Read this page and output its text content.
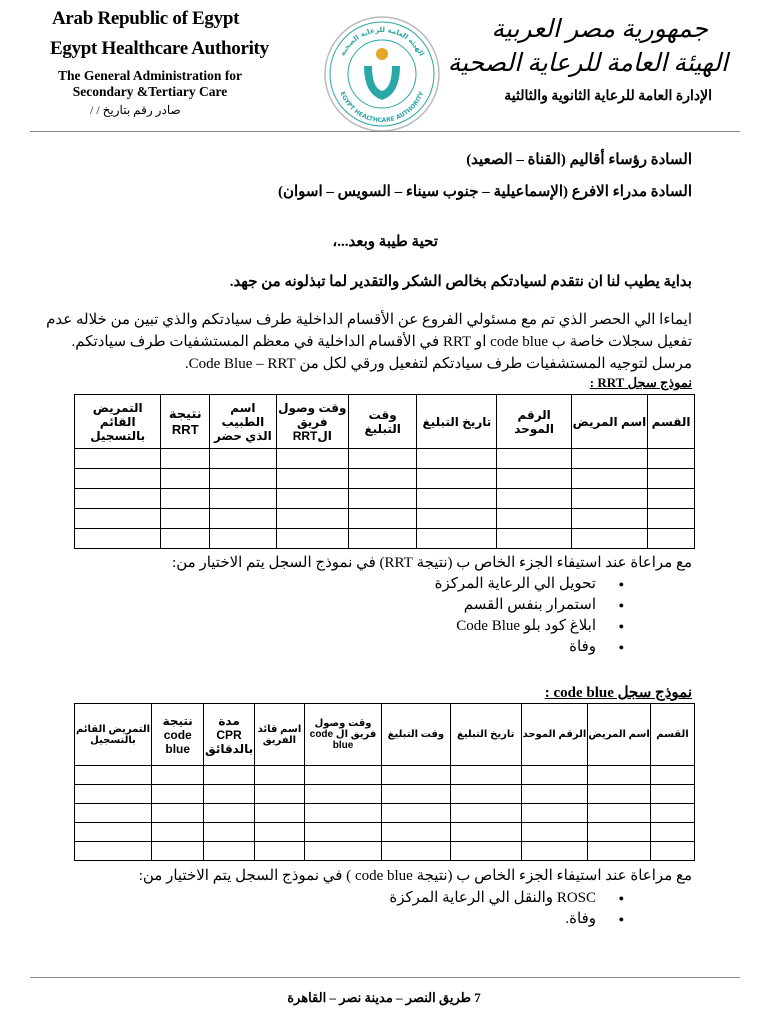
Arab Republic of Egypt
Egypt Healthcare Authority
The General Administration for Secondary &Tertiary Care
صادر رقم بتاريخ / /
جمهورية مصر العربية
الهيئة العامة للرعاية الصحية
الإدارة العامة للرعاية الثانوية والثالثية
الهيئة العامة للرعاية الصحية
EGYPT HEALTHCARE AUTHORITY
السادة رؤساء أقاليم (القناة – الصعيد)
السادة مدراء الافرع (الإسماعيلية – جنوب سيناء – السويس – اسوان)
تحية طيبة وبعد...،
بداية يطيب لنا ان نتقدم لسيادتكم بخالص الشكر والتقدير لما تبذلونه من جهد.
ايماءا الي الحصر الذي تم مع مسئولي الفروع عن الأقسام الداخلية طرف سيادتكم والذي تبين من خلاله عدم
تفعيل سجلات خاصة ب code blue او RRT في الأقسام الداخلية في معظم المستشفيات طرف سيادتكم.
مرسل لتوجيه المستشفيات طرف سيادتكم لتفعيل ورقي لكل من Code Blue – RRT.
نموذج سجل RRT :
القسم	اسم المريض	الرقم الموحد	تاريخ التبليغ	وقت التبليغ	وقت وصول فريق الRRT	اسم الطبيب الذي حضر	نتيجة RRT	التمريض القائم بالتسجيل

مع مراعاة عند استيفاء الجزء الخاص ب (نتيجة RRT) في نموذج السجل يتم الاختيار من:
● تحويل الي الرعاية المركزة
● استمرار بنفس القسم
● ابلاغ كود بلو Code Blue
● وفاة
نموذج سجل code blue :
القسم	اسم المريض	الرقم الموحد	تاريخ التبليغ	وقت التبليغ	وقت وصول فريق ال code blue	اسم قائد الفريق	مدة CPR بالدقائق	نتيجة code blue	التمريض القائم بالتسجيل

مع مراعاة عند استيفاء الجزء الخاص ب (نتيجة code blue ) في نموذج السجل يتم الاختيار من:
● ROSC والنقل الي الرعاية المركزة
● وفاة.
7 طريق النصر – مدينة نصر – القاهرة
